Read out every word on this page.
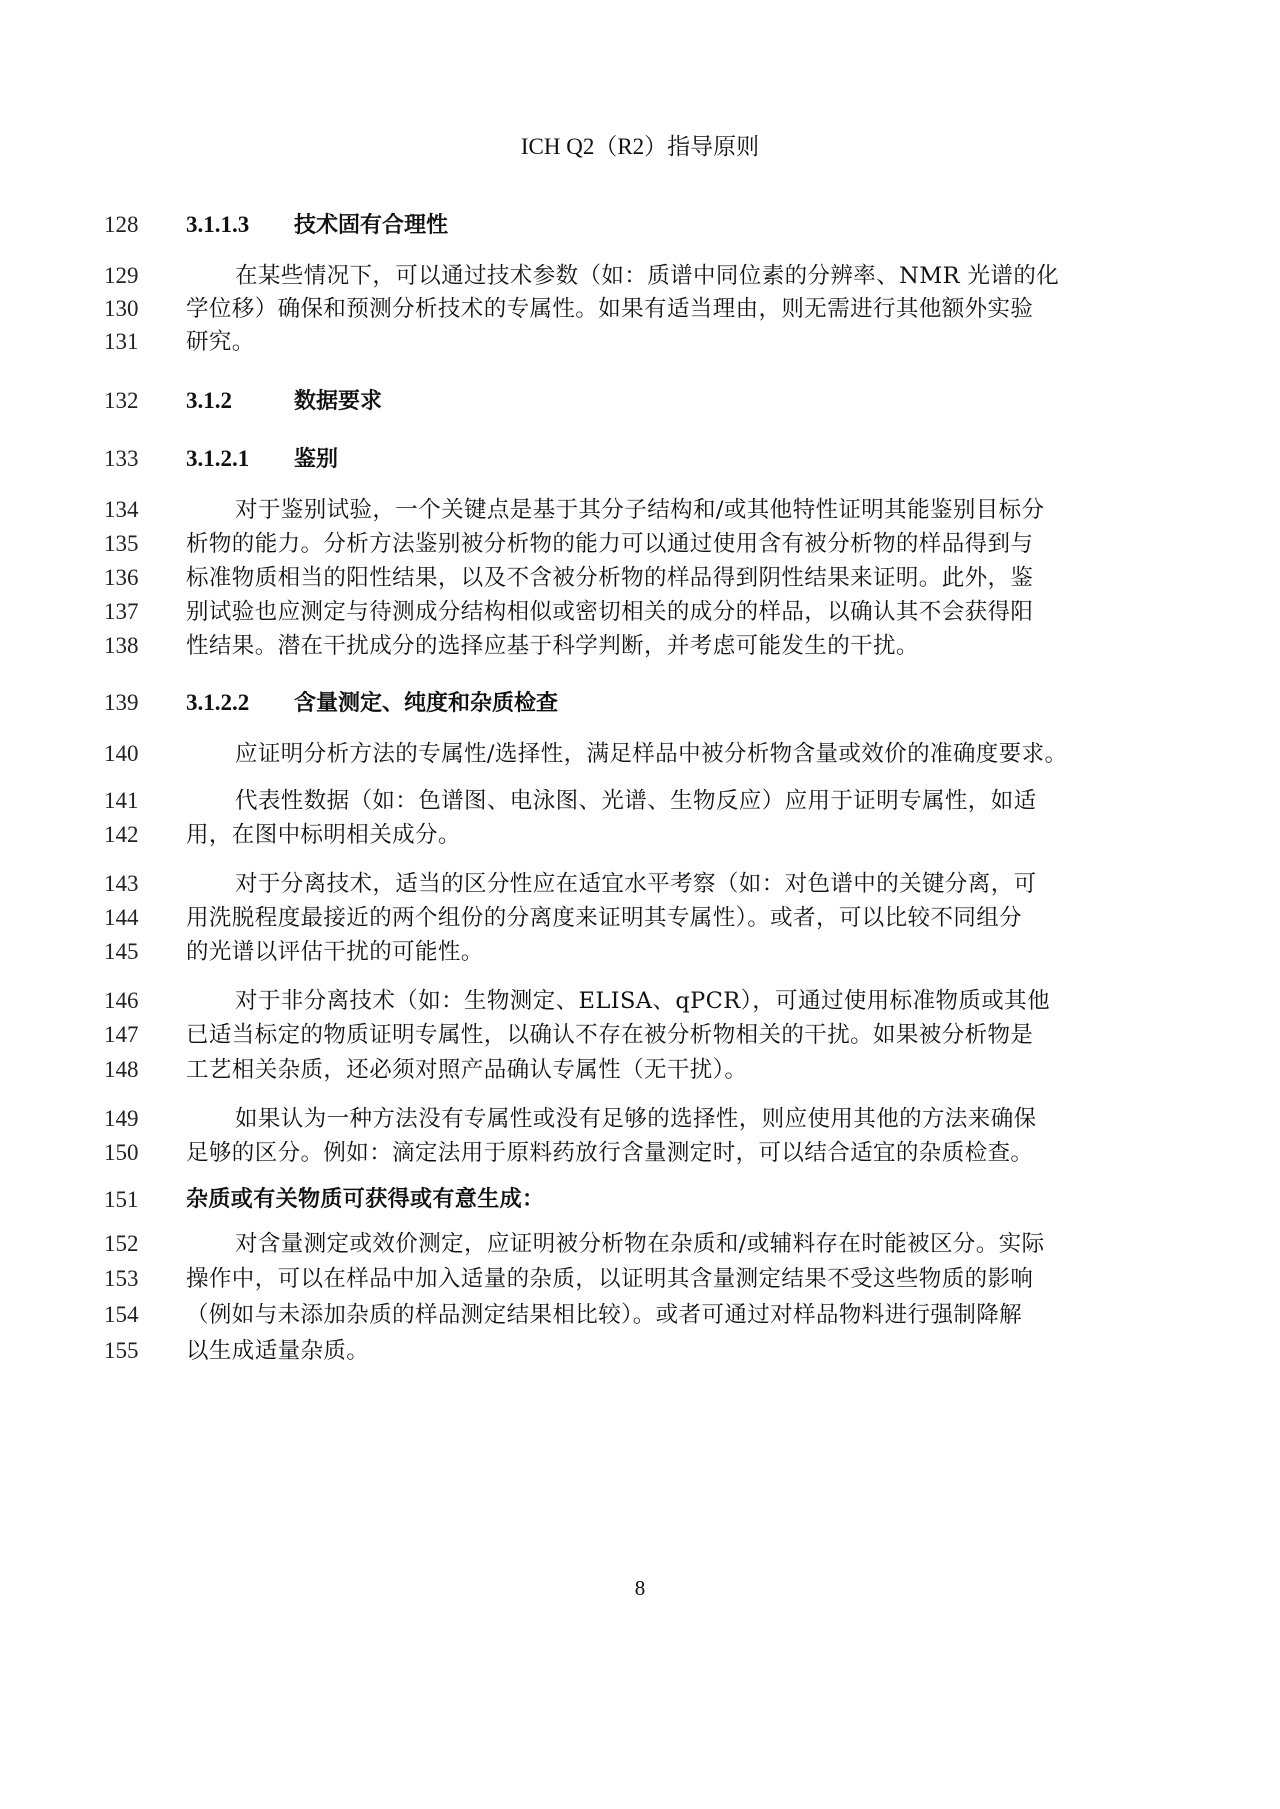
ICH Q2（R2）指导原则
128	3.1.1.3 技术固有合理性
129	在某些情况下，可以通过技术参数（如：质谱中同位素的分辨率、NMR 光谱的化
130	学位移）确保和预测分析技术的专属性。如果有适当理由，则无需进行其他额外实验
131	研究。
132	3.1.2	数据要求
133	3.1.2.1 鉴别
134	对于鉴别试验，一个关键点是基于其分子结构和/或其他特性证明其能鉴别目标分
135	析物的能力。分析方法鉴别被分析物的能力可以通过使用含有被分析物的样品得到与
136	标准物质相当的阳性结果，以及不含被分析物的样品得到阴性结果来证明。此外，鉴
137	别试验也应测定与待测成分结构相似或密切相关的成分的样品，以确认其不会获得阳
138	性结果。潜在干扰成分的选择应基于科学判断，并考虑可能发生的干扰。
139	3.1.2.2 含量测定、纯度和杂质检查
140	应证明分析方法的专属性/选择性，满足样品中被分析物含量或效价的准确度要求。
141	代表性数据（如：色谱图、电泳图、光谱、生物反应）应用于证明专属性，如适
142	用，在图中标明相关成分。
143	对于分离技术，适当的区分性应在适宜水平考察（如：对色谱中的关键分离，可
144	用洗脱程度最接近的两个组份的分离度来证明其专属性）。或者，可以比较不同组分
145	的光谱以评估干扰的可能性。
146	对于非分离技术（如：生物测定、ELISA、qPCR），可通过使用标准物质或其他
147	已适当标定的物质证明专属性，以确认不存在被分析物相关的干扰。如果被分析物是
148	工艺相关杂质，还必须对照产品确认专属性（无干扰）。
149	如果认为一种方法没有专属性或没有足够的选择性，则应使用其他的方法来确保
150	足够的区分。例如：滴定法用于原料药放行含量测定时，可以结合适宜的杂质检查。
151	杂质或有关物质可获得或有意生成：
152	对含量测定或效价测定，应证明被分析物在杂质和/或辅料存在时能被区分。实际
153	操作中，可以在样品中加入适量的杂质，以证明其含量测定结果不受这些物质的影响
154	（例如与未添加杂质的样品测定结果相比较）。或者可通过对样品物料进行强制降解
155	以生成适量杂质。
8
